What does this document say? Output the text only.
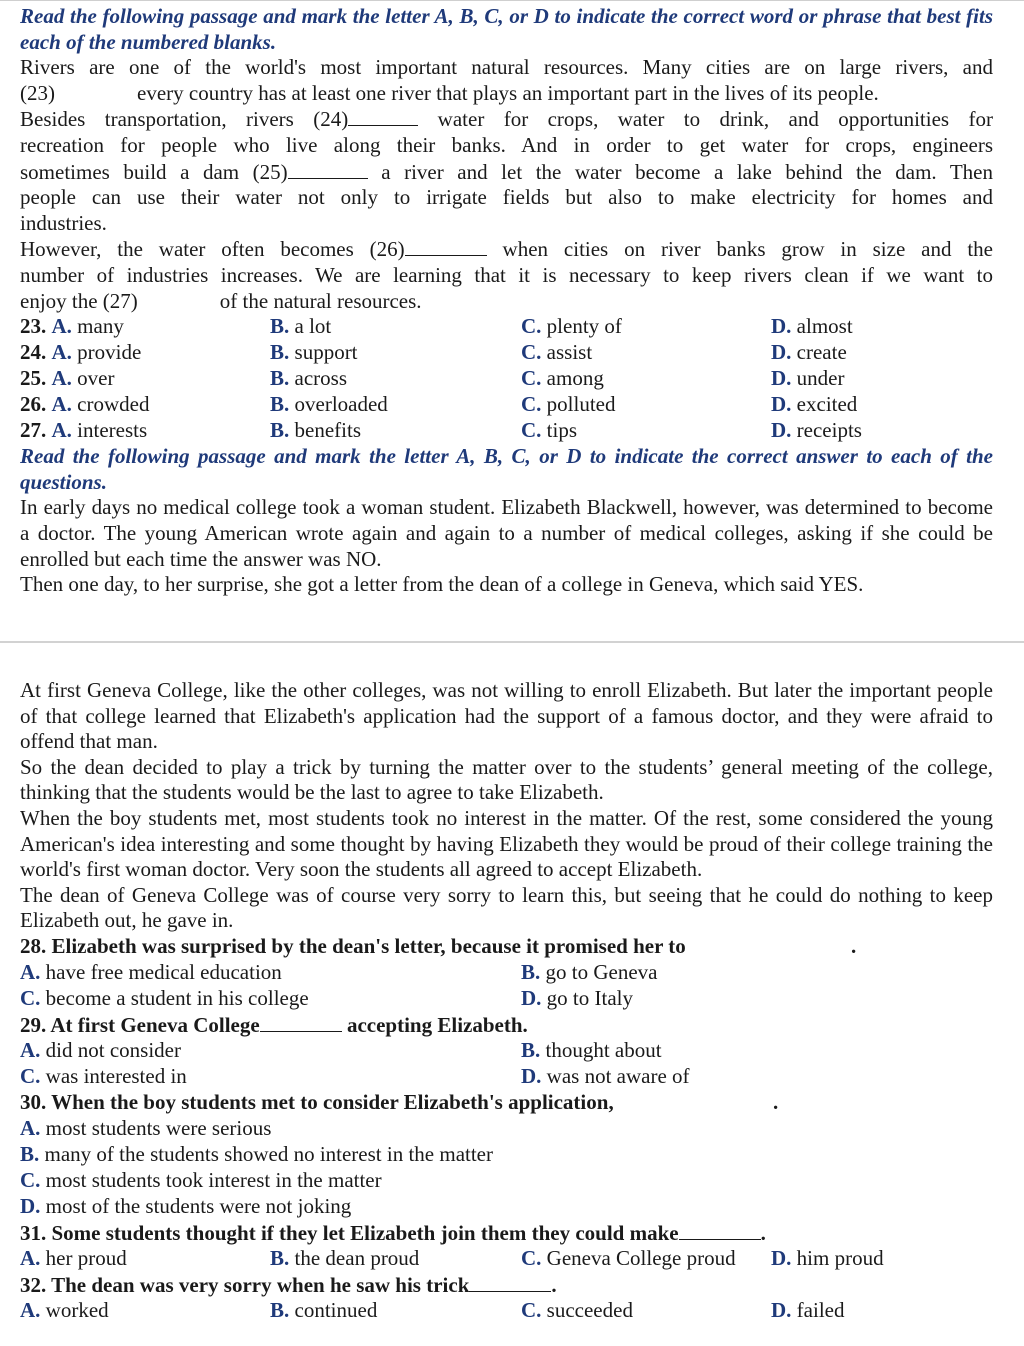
Read the following passage and mark the letter A, B, C, or D to indicate the correct word or phrase that best fits each of the numbered blanks.

Rivers are one of the world's most important natural resources. Many cities are on large rivers, and
(23)	every country has at least one river that plays an important part in the lives of its people.
Besides transportation, rivers (24)	water for crops, water to drink, and opportunities for
recreation for people who live along their banks. And in order to get water for crops, engineers
sometimes build a dam (25)	a river and let the water become a lake behind the dam. Then
people can use their water not only to irrigate fields but also to make electricity for homes and
industries.
However, the water often becomes (26)	when cities on river banks grow in size and the
number of industries increases. We are learning that it is necessary to keep rivers clean if we want to
enjoy the (27)	of the natural resources.
23. A. many	B. a lot	C. plenty of	D. almost
24. A. provide	B. support	C. assist	D. create
25. A. over	B. across	C. among	D. under
26. A. crowded	B. overloaded	C. polluted	D. excited
27. A. interests	B. benefits	C. tips	D. receipts

Read the following passage and mark the letter A, B, C, or D to indicate the correct answer to each of the questions.

In early days no medical college took a woman student. Elizabeth Blackwell, however, was determined to become a doctor. The young American wrote again and again to a number of medical colleges, asking if she could be enrolled but each time the answer was NO.

Then one day, to her surprise, she got a letter from the dean of a college in Geneva, which said YES.

At first Geneva College, like the other colleges, was not willing to enroll Elizabeth. But later the important people of that college learned that Elizabeth's application had the support of a famous doctor, and they were afraid to offend that man.

So the dean decided to play a trick by turning the matter over to the students’ general meeting of the college, thinking that the students would be the last to agree to take Elizabeth.

When the boy students met, most students took no interest in the matter. Of the rest, some considered the young American's idea interesting and some thought by having Elizabeth they would be proud of their college training the world's first woman doctor. Very soon the students all agreed to accept Elizabeth.

The dean of Geneva College was of course very sorry to learn this, but seeing that he could do nothing to keep Elizabeth out, he gave in.

28. Elizabeth was surprised by the dean's letter, because it promised her to	.
A. have free medical education	B. go to Geneva
C. become a student in his college	D. go to Italy
29. At first Geneva College	accepting Elizabeth.
A. did not consider	B. thought about
C. was interested in	D. was not aware of
30. When the boy students met to consider Elizabeth's application,	.
A. most students were serious
B. many of the students showed no interest in the matter
C. most students took interest in the matter
D. most of the students were not joking
31. Some students thought if they let Elizabeth join them they could make	.
A. her proud	B. the dean proud	C. Geneva College proud D. him proud
32. The dean was very sorry when he saw his trick	.
A. worked	B. continued	C. succeeded	D. failed
